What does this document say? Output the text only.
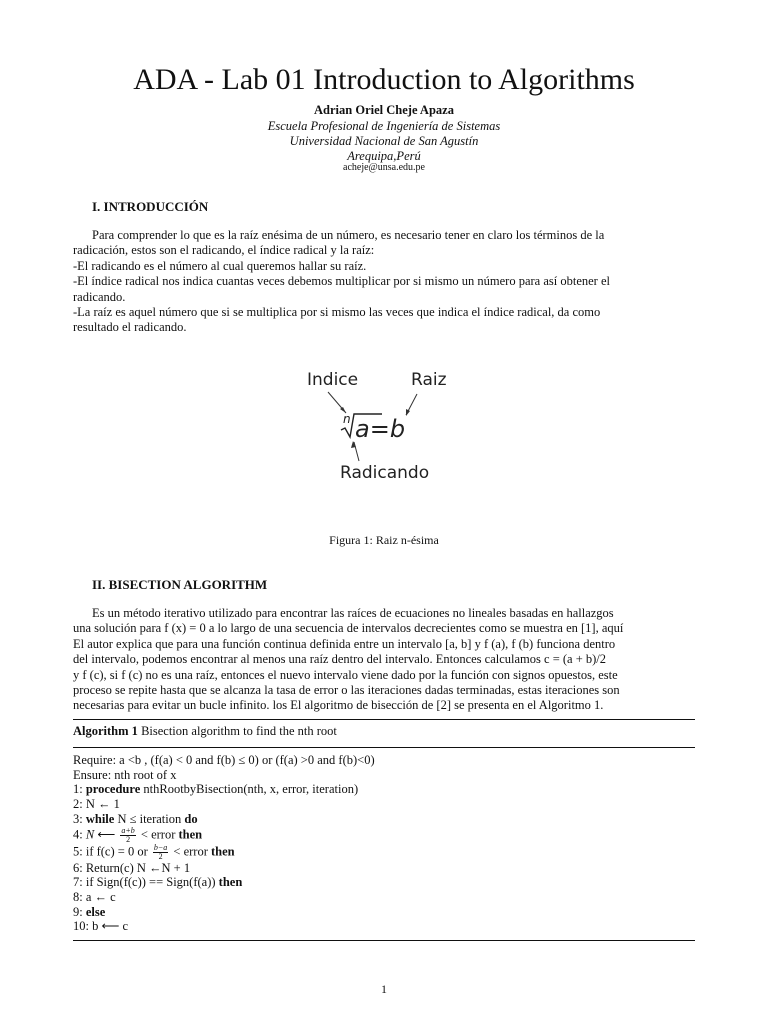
ADA - Lab 01 Introduction to Algorithms
Adrian Oriel Cheje Apaza
Escuela Profesional de Ingeniería de Sistemas
Universidad Nacional de San Agustín
Arequipa,Perú
acheje@unsa.edu.pe
I. INTRODUCCIÓN
Para comprender lo que es la raíz enésima de un número, es necesario tener en claro los términos de la
radicación, estos son el radicando, el índice radical y la raíz:
-El radicando es el número al cual queremos hallar su raíz.
-El índice radical nos indica cuantas veces debemos multiplicar por si mismo un número para así obtener el
radicando.
-La raíz es aquel número que si se multiplica por si mismo las veces que indica el índice radical, da como
resultado el radicando.
Indice	Raiz
n a=b
Radicando
Figura 1: Raiz n-ésima
II. BISECTION ALGORITHM
Es un método iterativo utilizado para encontrar las raíces de ecuaciones no lineales basadas en hallazgos
una solución para f (x) = 0 a lo largo de una secuencia de intervalos decrecientes como se muestra en [1], aquí
El autor explica que para una función continua definida entre un intervalo [a, b] y f (a), f (b) funciona dentro
del intervalo, podemos encontrar al menos una raíz dentro del intervalo. Entonces calculamos c = (a + b)/2
y f (c), si f (c) no es una raíz, entonces el nuevo intervalo viene dado por la función con signos opuestos, este
proceso se repite hasta que se alcanza la tasa de error o las iteraciones dadas terminadas, estas iteraciones son
necesarias para evitar un bucle infinito. los El algoritmo de bisección de [2] se presenta en el Algoritmo 1.
Algorithm 1 Bisection algorithm to find the nth root
Require: a <b , (f(a) < 0 and f(b) ≤ 0) or (f(a) >0 and f(b)<0)
Ensure: nth root of x
1: procedure nthRootbyBisection(nth, x, error, iteration)
2: N ← 1
3: while N ≤ iteration do
4: N ⟵ $\frac{a+b}{2}$ < error then
5: if f(c) = 0 or $\frac{b-a}{2}$ < error then
6: Return(c) N ←N + 1
7: if Sign(f(c)) == Sign(f(a)) then
8: a ← c
9: else
10: b ⟵ c
1
